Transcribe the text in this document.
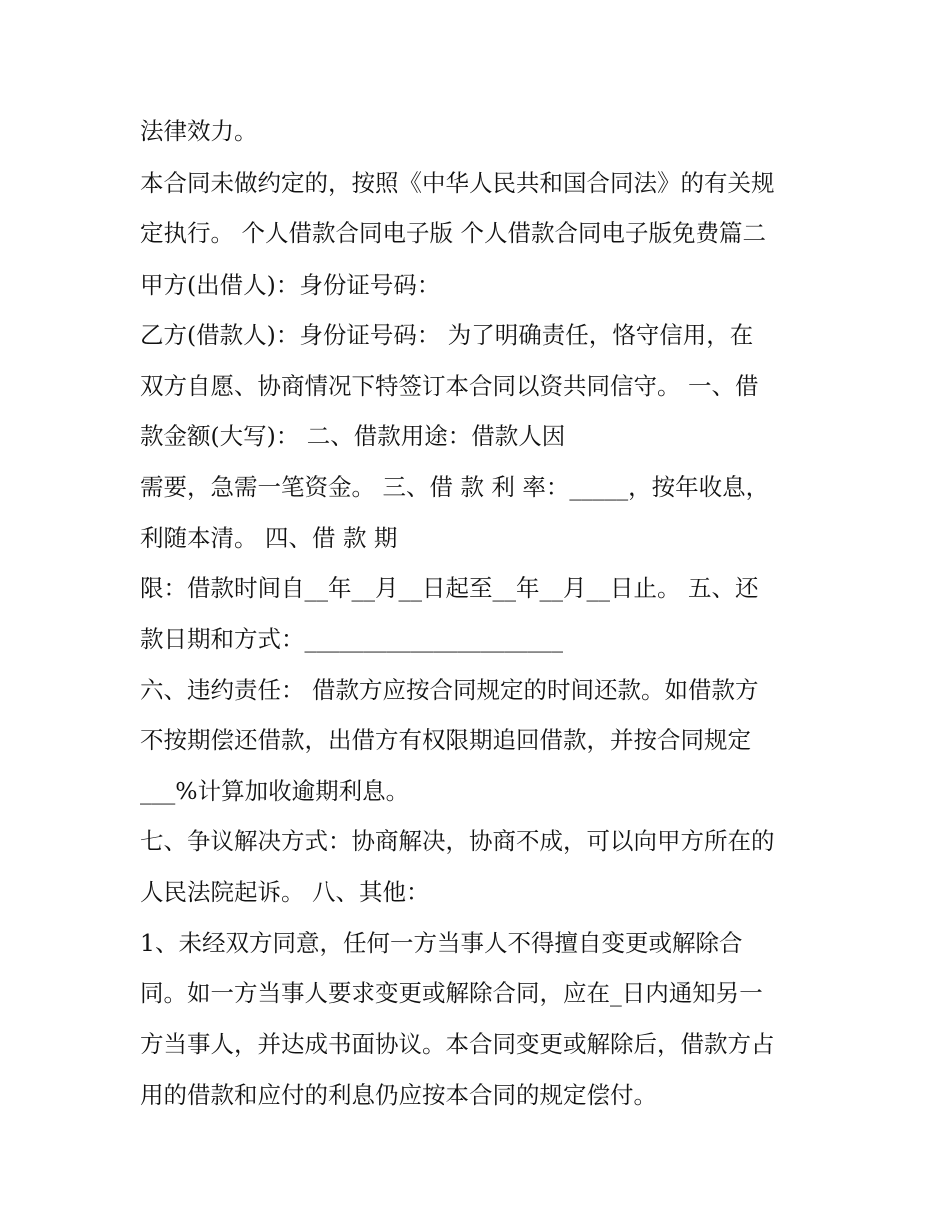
法律效力。

本合同未做约定的，按照《中华人民共和国合同法》的有关规

定执行。 个人借款合同电子版 个人借款合同电子版免费篇二

甲方(出借人)：身份证号码：

乙方(借款人)：身份证号码： 为了明确责任，恪守信用，在

双方自愿、协商情况下特签订本合同以资共同信守。 一、借

款金额(大写)： 二、借款用途：借款人因

需要，急需一笔资金。 三、借 款 利 率：_____，按年收息，

利随本清。 四、借 款 期

限：借款时间自__年__月__日起至__年__月__日止。 五、还

款日期和方式：______________________

六、违约责任： 借款方应按合同规定的时间还款。如借款方

不按期偿还借款，出借方有权限期追回借款，并按合同规定

___%计算加收逾期利息。

七、争议解决方式：协商解决，协商不成，可以向甲方所在的

人民法院起诉。 八、其他：

1、未经双方同意，任何一方当事人不得擅自变更或解除合

同。如一方当事人要求变更或解除合同，应在_日内通知另一

方当事人，并达成书面协议。本合同变更或解除后，借款方占

用的借款和应付的利息仍应按本合同的规定偿付。
